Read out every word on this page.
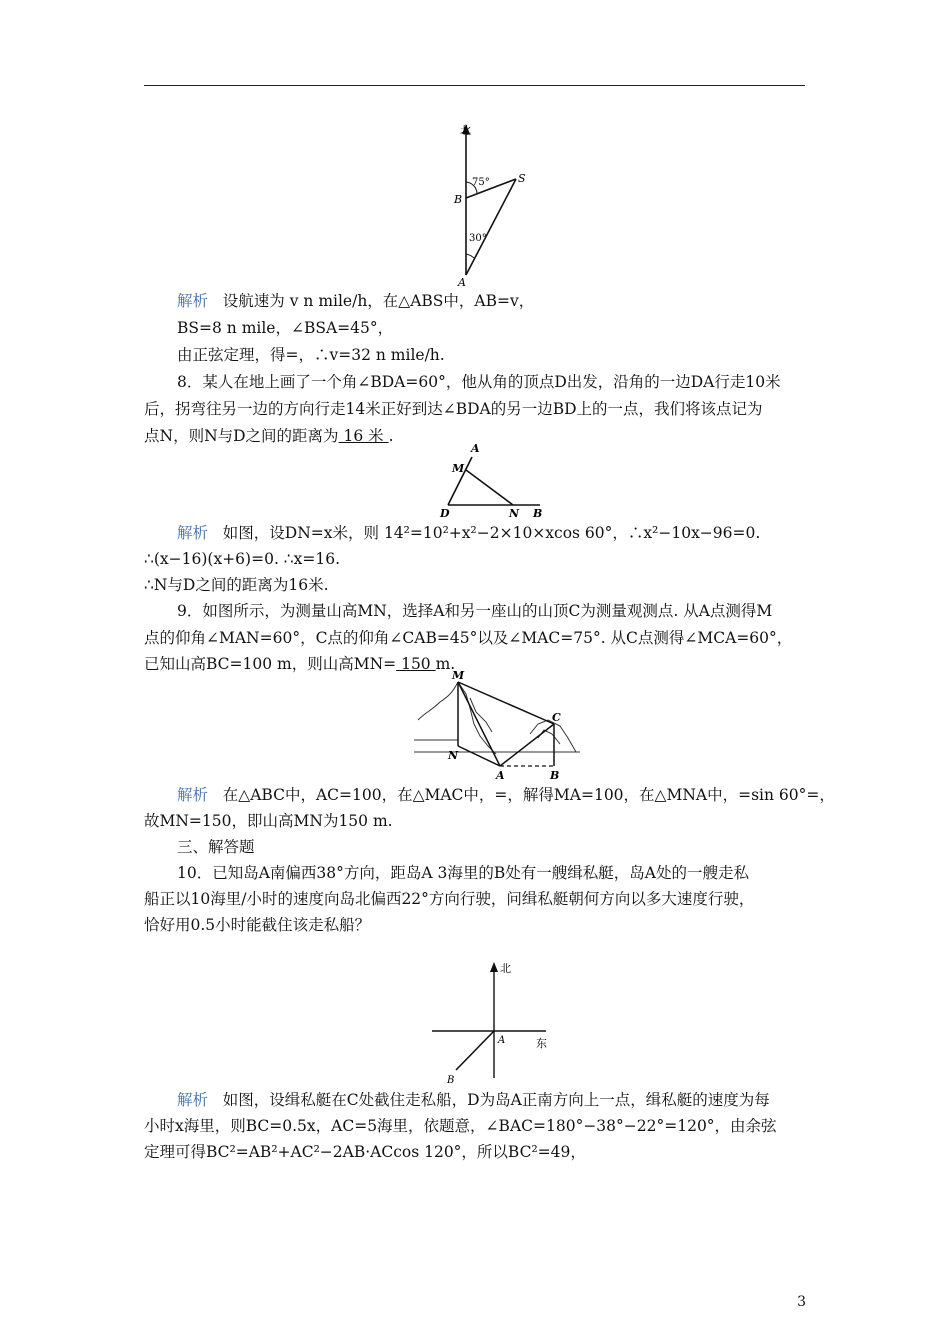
北
75°
30°
B
S
A
解析 设航速为 v n mile/h，在△ABS中，AB=v，
BS=8 n mile，∠BSA=45°，
由正弦定理，得=，∴v=32 n mile/h.
8．某人在地上画了一个角∠BDA=60°，他从角的顶点D出发，沿角的一边DA行走10米
后，拐弯往另一边的方向行走14米正好到达∠BDA的另一边BD上的一点，我们将该点记为
点N，则N与D之间的距离为 16 米 .
A
M
D	N B
解析 如图，设DN=x米，则 14²=10²+x²−2×10×xcos 60°，∴x²−10x−96=0.
∴(x−16)(x+6)=0. ∴x=16.
∴N与D之间的距离为16米.
9．如图所示，为测量山高MN，选择A和另一座山的山顶C为测量观测点. 从A点测得M
点的仰角∠MAN=60°，C点的仰角∠CAB=45°以及∠MAC=75°. 从C点测得∠MCA=60°，
已知山高BC=100 m，则山高MN= 150 m.
M
C
N
A	B
解析 在△ABC中，AC=100，在△MAC中，=，解得MA=100，在△MNA中，=sin 60°=，
故MN=150，即山高MN为150 m.
三、解答题
10．已知岛A南偏西38°方向，距岛A 3海里的B处有一艘缉私艇，岛A处的一艘走私
船正以10海里/小时的速度向岛北偏西22°方向行驶，问缉私艇朝何方向以多大速度行驶，
恰好用0.5小时能截住该走私船？
北
东
A
B
解析 如图，设缉私艇在C处截住走私船，D为岛A正南方向上一点，缉私艇的速度为每
小时x海里，则BC=0.5x，AC=5海里，依题意，∠BAC=180°−38°−22°=120°，由余弦
定理可得BC²=AB²+AC²−2AB·ACcos 120°，所以BC²=49，
3
